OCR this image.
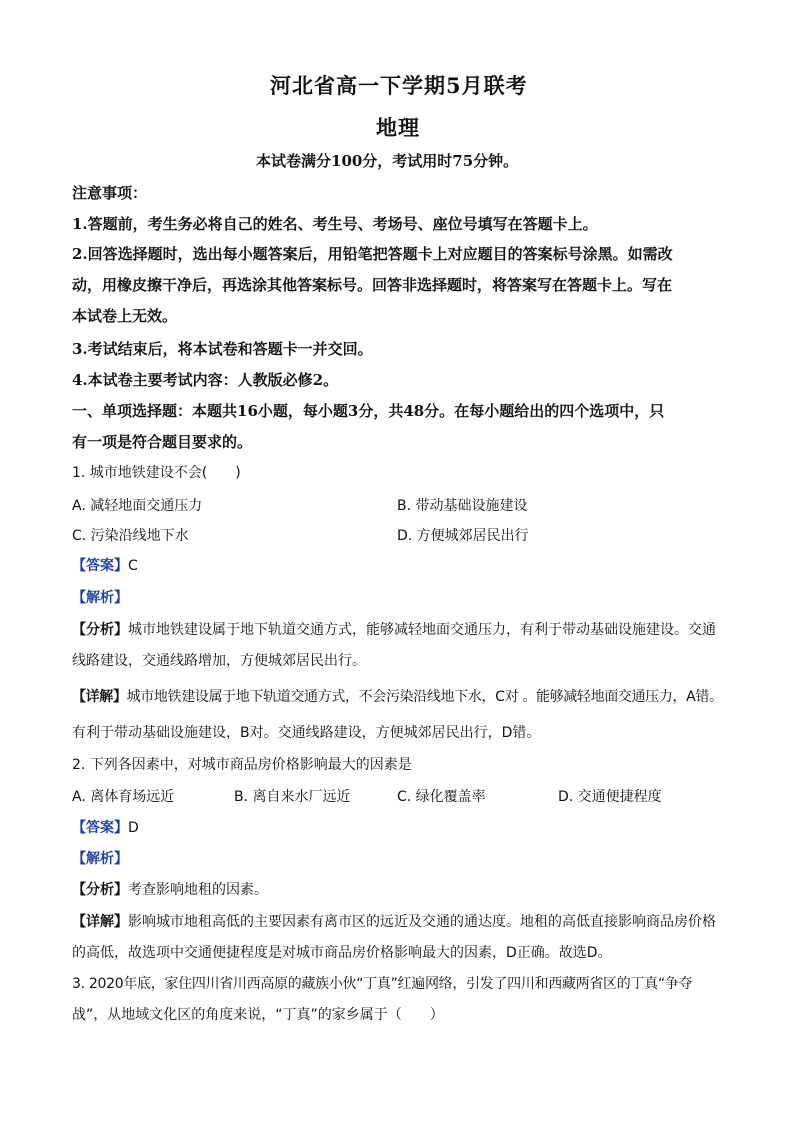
河北省高一下学期5月联考
地理
本试卷满分100分，考试用时75分钟。
注意事项：
1.答题前，考生务必将自己的姓名、考生号、考场号、座位号填写在答题卡上。
2.回答选择题时，选出每小题答案后，用铅笔把答题卡上对应题目的答案标号涂黑。如需改
动，用橡皮擦干净后，再选涂其他答案标号。回答非选择题时，将答案写在答题卡上。写在
本试卷上无效。
3.考试结束后，将本试卷和答题卡一并交回。
4.本试卷主要考试内容：人教版必修2。
一、单项选择题：本题共16小题，每小题3分，共48分。在每小题给出的四个选项中，只
有一项是符合题目要求的。
1. 城市地铁建设不会(　　)
A. 减轻地面交通压力	B. 带动基础设施建设
C. 污染沿线地下水	D. 方便城郊居民出行
【答案】C
【解析】
【分析】城市地铁建设属于地下轨道交通方式，能够减轻地面交通压力，有利于带动基础设施建设。交通
线路建设，交通线路增加，方便城郊居民出行。
【详解】城市地铁建设属于地下轨道交通方式，不会污染沿线地下水，C对 。能够减轻地面交通压力，A错。
有利于带动基础设施建设，B对。交通线路建设，方便城郊居民出行，D错。
2. 下列各因素中，对城市商品房价格影响最大的因素是
A. 离体育场远近	B. 离自来水厂远近	C. 绿化覆盖率	D. 交通便捷程度
【答案】D
【解析】
【分析】考查影响地租的因素。
【详解】影响城市地租高低的主要因素有离市区的远近及交通的通达度。地租的高低直接影响商品房价格
的高低，故选项中交通便捷程度是对城市商品房价格影响最大的因素，D正确。故选D。
3. 2020年底，家住四川省川西高原的藏族小伙“丁真”红遍网络，引发了四川和西藏两省区的丁真“争夺
战”，从地域文化区的角度来说，“丁真”的家乡属于（　　）
